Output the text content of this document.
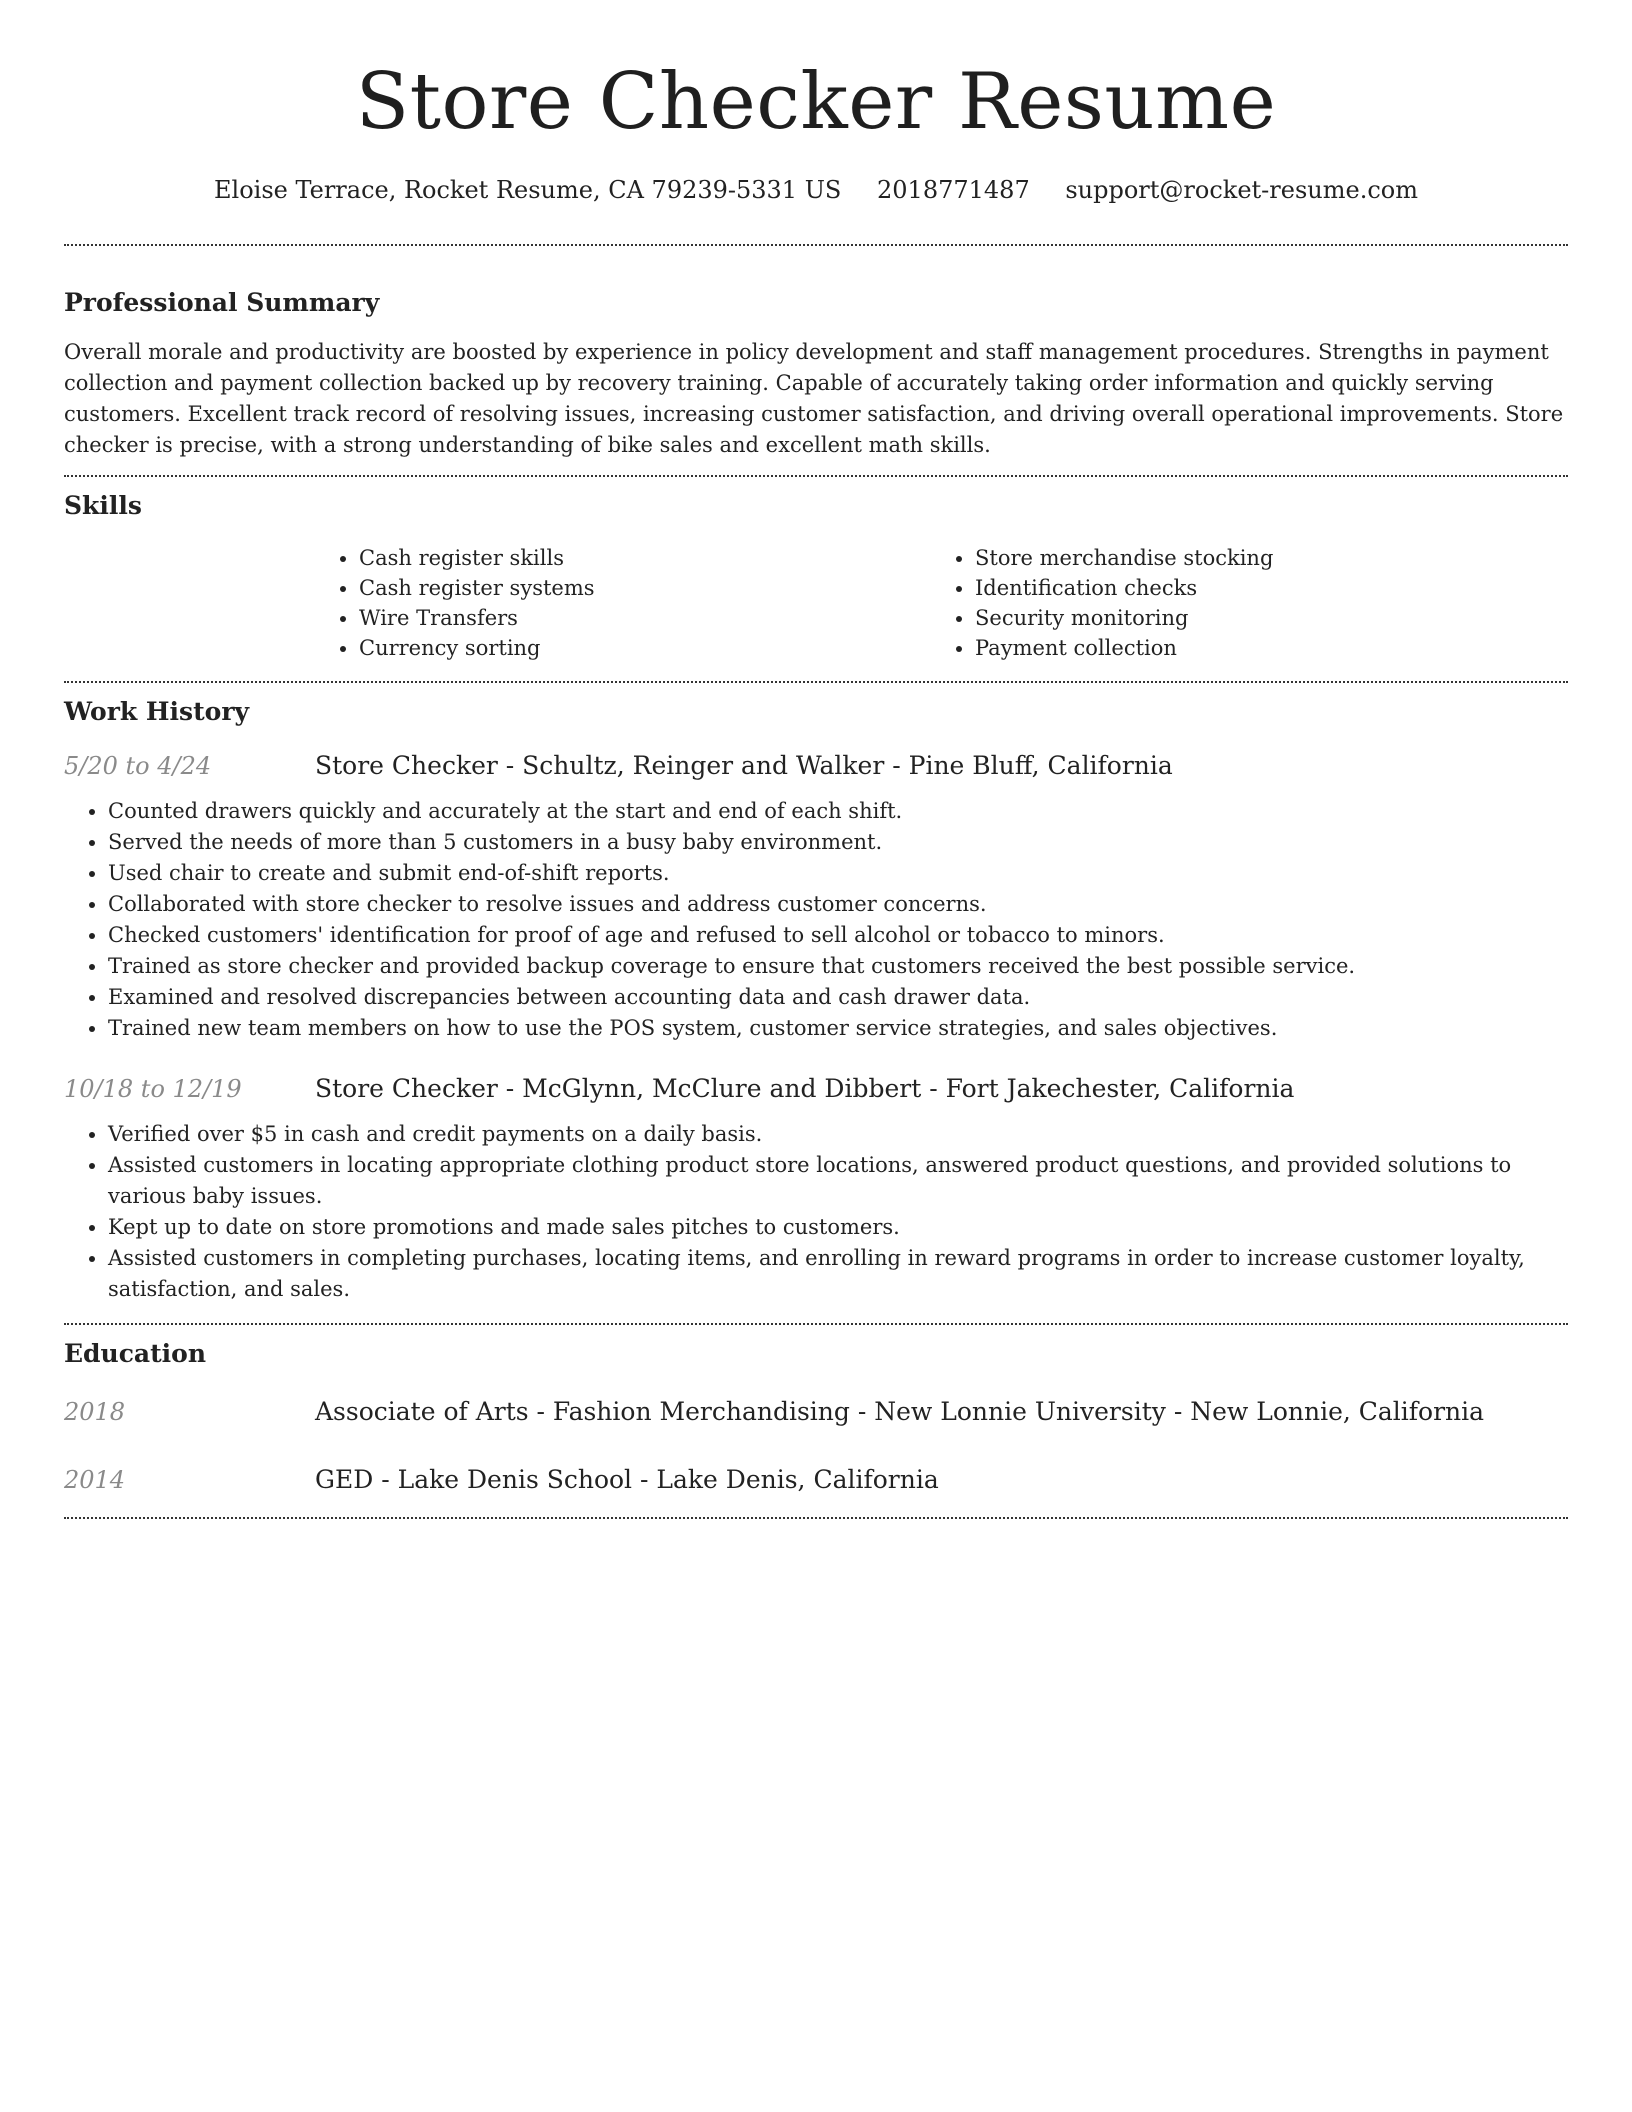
Store Checker Resume
Eloise Terrace, Rocket Resume, CA 79239-5331 US 2018771487 support@rocket-resume.com
Professional Summary

Overall morale and productivity are boosted by experience in policy development and staff management procedures. Strengths in payment collection and payment collection backed up by recovery training. Capable of accurately taking order information and quickly serving customers. Excellent track record of resolving issues, increasing customer satisfaction, and driving overall operational improvements. Store checker is precise, with a strong understanding of bike sales and excellent math skills.

Skills
• Cash register skills
• Cash register systems
• Wire Transfers
• Currency sorting
• Store merchandise stocking
• Identification checks
• Security monitoring
• Payment collection
Work History
5/20 to 4/24	Store Checker - Schultz, Reinger and Walker - Pine Bluff, California
• Counted drawers quickly and accurately at the start and end of each shift.
• Served the needs of more than 5 customers in a busy baby environment.
• Used chair to create and submit end-of-shift reports.
• Collaborated with store checker to resolve issues and address customer concerns.
• Checked customers' identification for proof of age and refused to sell alcohol or tobacco to minors.
• Trained as store checker and provided backup coverage to ensure that customers received the best possible service.
• Examined and resolved discrepancies between accounting data and cash drawer data.
• Trained new team members on how to use the POS system, customer service strategies, and sales objectives.
10/18 to 12/19	Store Checker - McGlynn, McClure and Dibbert - Fort Jakechester, California
• Verified over $5 in cash and credit payments on a daily basis.
• Assisted customers in locating appropriate clothing product store locations, answered product questions, and provided solutions to various baby issues.
• Kept up to date on store promotions and made sales pitches to customers.
• Assisted customers in completing purchases, locating items, and enrolling in reward programs in order to increase customer loyalty, satisfaction, and sales.
Education
2018	Associate of Arts - Fashion Merchandising - New Lonnie University - New Lonnie, California
2014	GED - Lake Denis School - Lake Denis, California
